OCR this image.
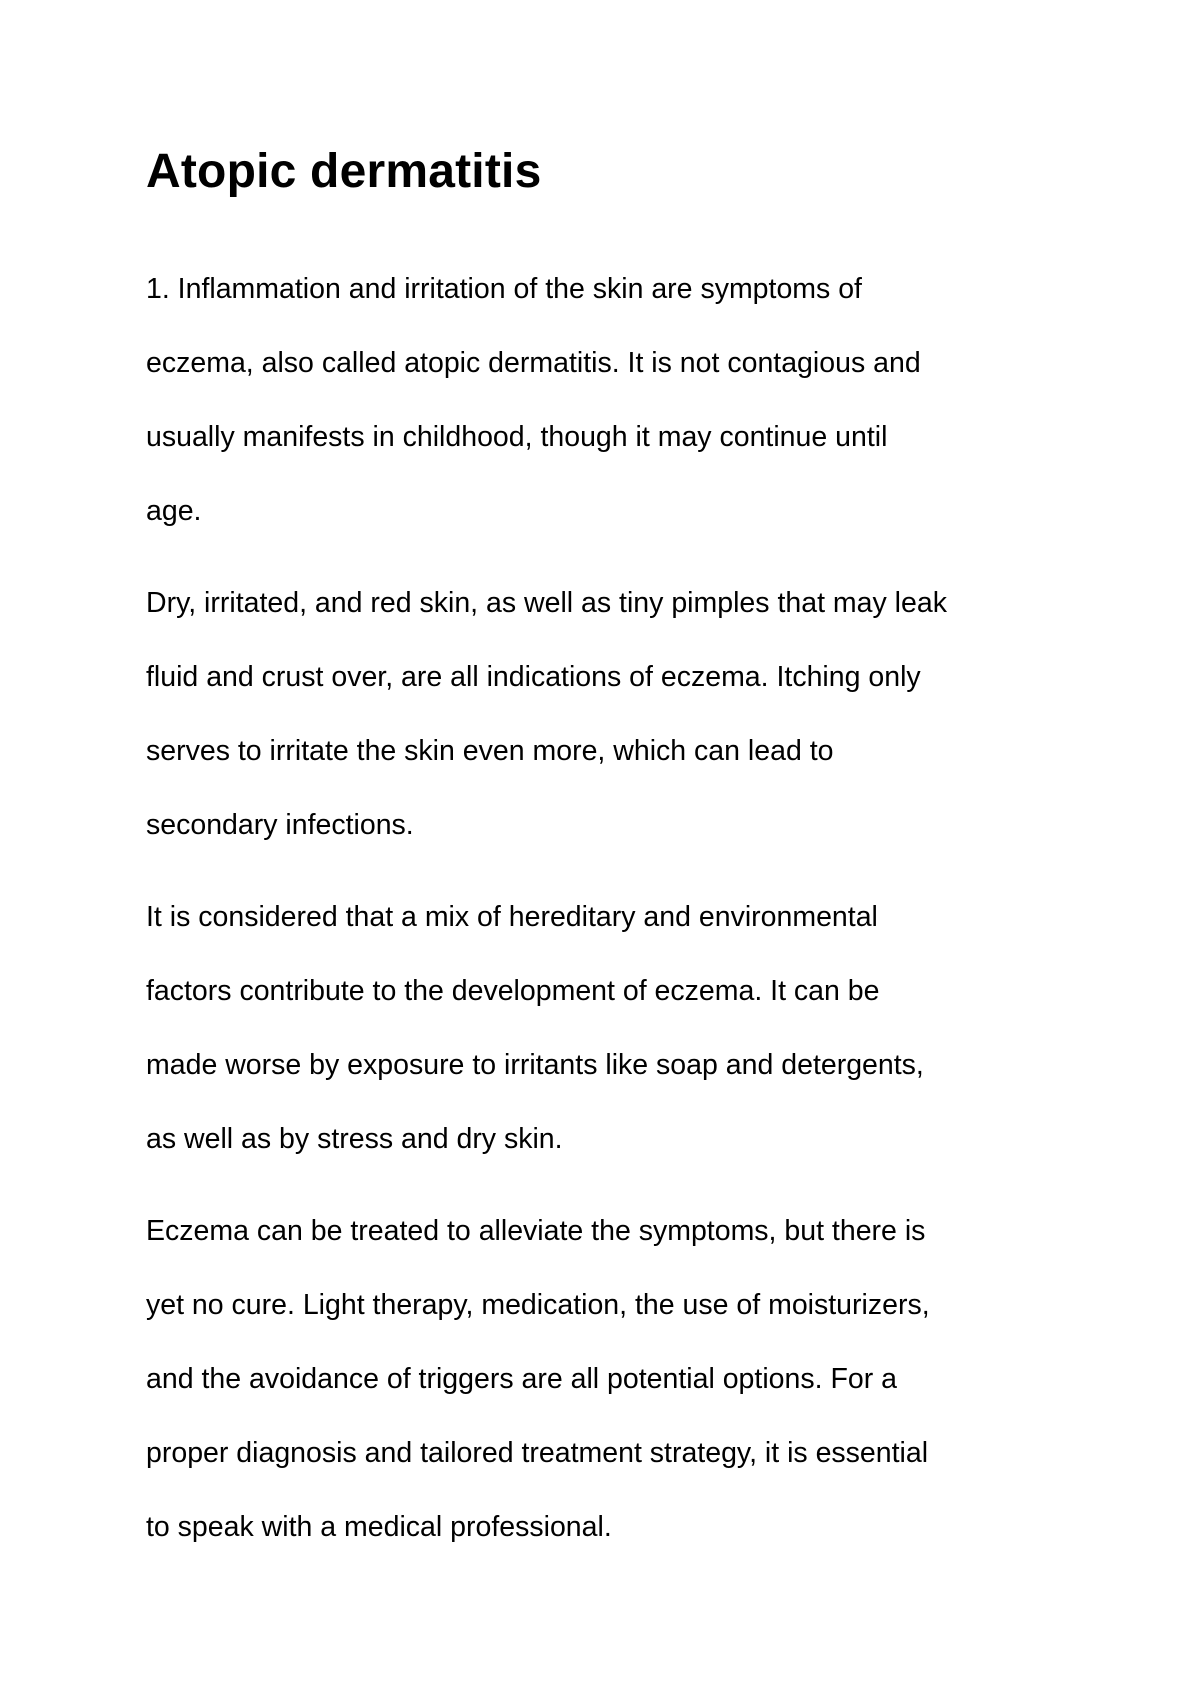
Atopic dermatitis

1. Inflammation and irritation of the skin are symptoms of
eczema, also called atopic dermatitis. It is not contagious and
usually manifests in childhood, though it may continue until
age.

Dry, irritated, and red skin, as well as tiny pimples that may leak
fluid and crust over, are all indications of eczema. Itching only
serves to irritate the skin even more, which can lead to
secondary infections.

It is considered that a mix of hereditary and environmental
factors contribute to the development of eczema. It can be
made worse by exposure to irritants like soap and detergents,
as well as by stress and dry skin.

Eczema can be treated to alleviate the symptoms, but there is
yet no cure. Light therapy, medication, the use of moisturizers,
and the avoidance of triggers are all potential options. For a
proper diagnosis and tailored treatment strategy, it is essential
to speak with a medical professional.
